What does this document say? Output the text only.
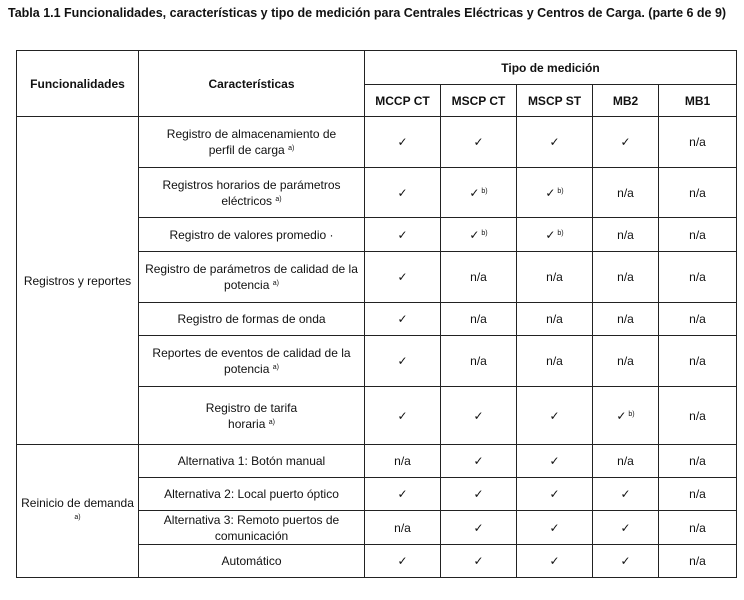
Tabla 1.1 Funcionalidades, características y tipo de medición para Centrales Eléctricas y Centros de Carga. (parte 6 de 9)
Funcionalidades	Características	Tipo de medición				
		MCCP CT	MSCP CT	MSCP ST	MB2	MB1
Registros y reportes	Registro de almacenamiento de
perfil de carga $^{a)}$	✓	✓	✓	✓	n/a
	Registros horarios de parámetros
eléctricos $^{a)}$	✓	✓ $^{b)}$	✓ $^{b)}$	n/a	n/a
	Registro de valores promedio ·	✓	✓ $^{b)}$	✓ $^{b)}$	n/a	n/a
	Registro de parámetros de calidad de la
potencia $^{a)}$	✓	n/a	n/a	n/a	n/a
	Registro de formas de onda	✓	n/a	n/a	n/a	n/a
	Reportes de eventos de calidad de la
potencia $^{a)}$	✓	n/a	n/a	n/a	n/a
	Registro de tarifa
horaria $^{a)}$	✓	✓	✓	✓ $^{b)}$	n/a
Reinicio de demanda
$^{a)}$	Alternativa 1: Botón manual	n/a	✓	✓	n/a	n/a
	Alternativa 2: Local puerto óptico	✓	✓	✓	✓	n/a
	Alternativa 3: Remoto puertos de
comunicación	n/a	✓	✓	✓	n/a
	Automático	✓	✓	✓	✓	n/a
